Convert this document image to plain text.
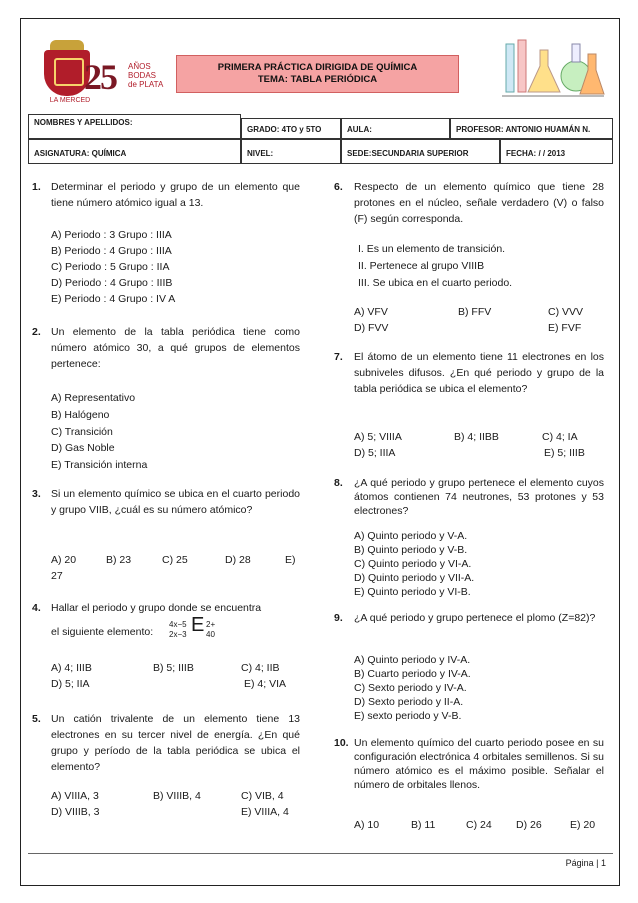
LA MERCED
25 AÑOS
BODAS
de PLATA
PRIMERA PRÁCTICA DIRIGIDA DE QUÍMICA
TEMA: TABLA PERIÓDICA
NOMBRES Y APELLIDOS:
GRADO: 4TO y 5TO	AULA:	PROFESOR: ANTONIO HUAMÁN N.
ASIGNATURA: QUÍMICA	NIVEL:	SEDE:SECUNDARIA SUPERIOR	FECHA: / / 2013
1. Determinar el periodo y grupo de un elemento que tiene número atómico igual a 13.
A) Periodo : 3 Grupo : IIIA
B) Periodo : 4 Grupo : IIIA
C) Periodo : 5 Grupo : IIA
D) Periodo : 4 Grupo : IIIB
E) Periodo : 4 Grupo : IV A
2. Un elemento de la tabla periódica tiene como número atómico 30, a qué grupos de elementos pertenece:
A) Representativo
B) Halógeno
C) Transición
D) Gas Noble
E) Transición interna
3. Si un elemento químico se ubica en el cuarto periodo y grupo VIIB, ¿cuál es su número atómico?
A) 20	B) 23	C) 25	D) 28	E)
27
4. Hallar el periodo y grupo donde se encuentra
el siguiente elemento:
4x−5
2x−3 E 2+
40
A) 4; IIIB	B) 5; IIIB	C) 4; IIB
D) 5; IIA	E) 4; VIA
5. Un catión trivalente de un elemento tiene 13 electrones en su tercer nivel de energía. ¿En qué grupo y período de la tabla periódica se ubica el elemento?
A) VIIIA, 3	B) VIIIB, 4	C) VIB, 4
D) VIIIB, 3	E) VIIIA, 4
6. Respecto de un elemento químico que tiene 28 protones en el núcleo, señale verdadero (V) o falso (F) según corresponda.
I. Es un elemento de transición.
II. Pertenece al grupo VIIIB
III. Se ubica en el cuarto periodo.
A) VFV	B) FFV	C) VVV
D) FVV	E) FVF
7. El átomo de un elemento tiene 11 electrones en los subniveles difusos. ¿En qué periodo y grupo de la tabla periódica se ubica el elemento?
A) 5; VIIIA	B) 4; IIBB	C) 4; IA
D) 5; IIIA	E) 5; IIIB
8. ¿A qué periodo y grupo pertenece el elemento cuyos átomos contienen 74 neutrones, 53 protones y 53 electrones?
A) Quinto periodo y V-A.
B) Quinto periodo y V-B.
C) Quinto periodo y VI-A.
D) Quinto periodo y VII-A.
E) Quinto periodo y VI-B.
9. ¿A qué periodo y grupo pertenece el plomo (Z=82)?
A) Quinto periodo y IV-A.
B) Cuarto periodo y IV-A.
C) Sexto periodo y IV-A.
D) Sexto periodo y II-A.
E) sexto periodo y V-B.
10. Un elemento químico del cuarto periodo posee en su configuración electrónica 4 orbitales semillenos. Si su número atómico es el máximo posible. Señalar el número de orbitales llenos.
A) 10	B) 11	C) 24 D) 26	E) 20
Página | 1
